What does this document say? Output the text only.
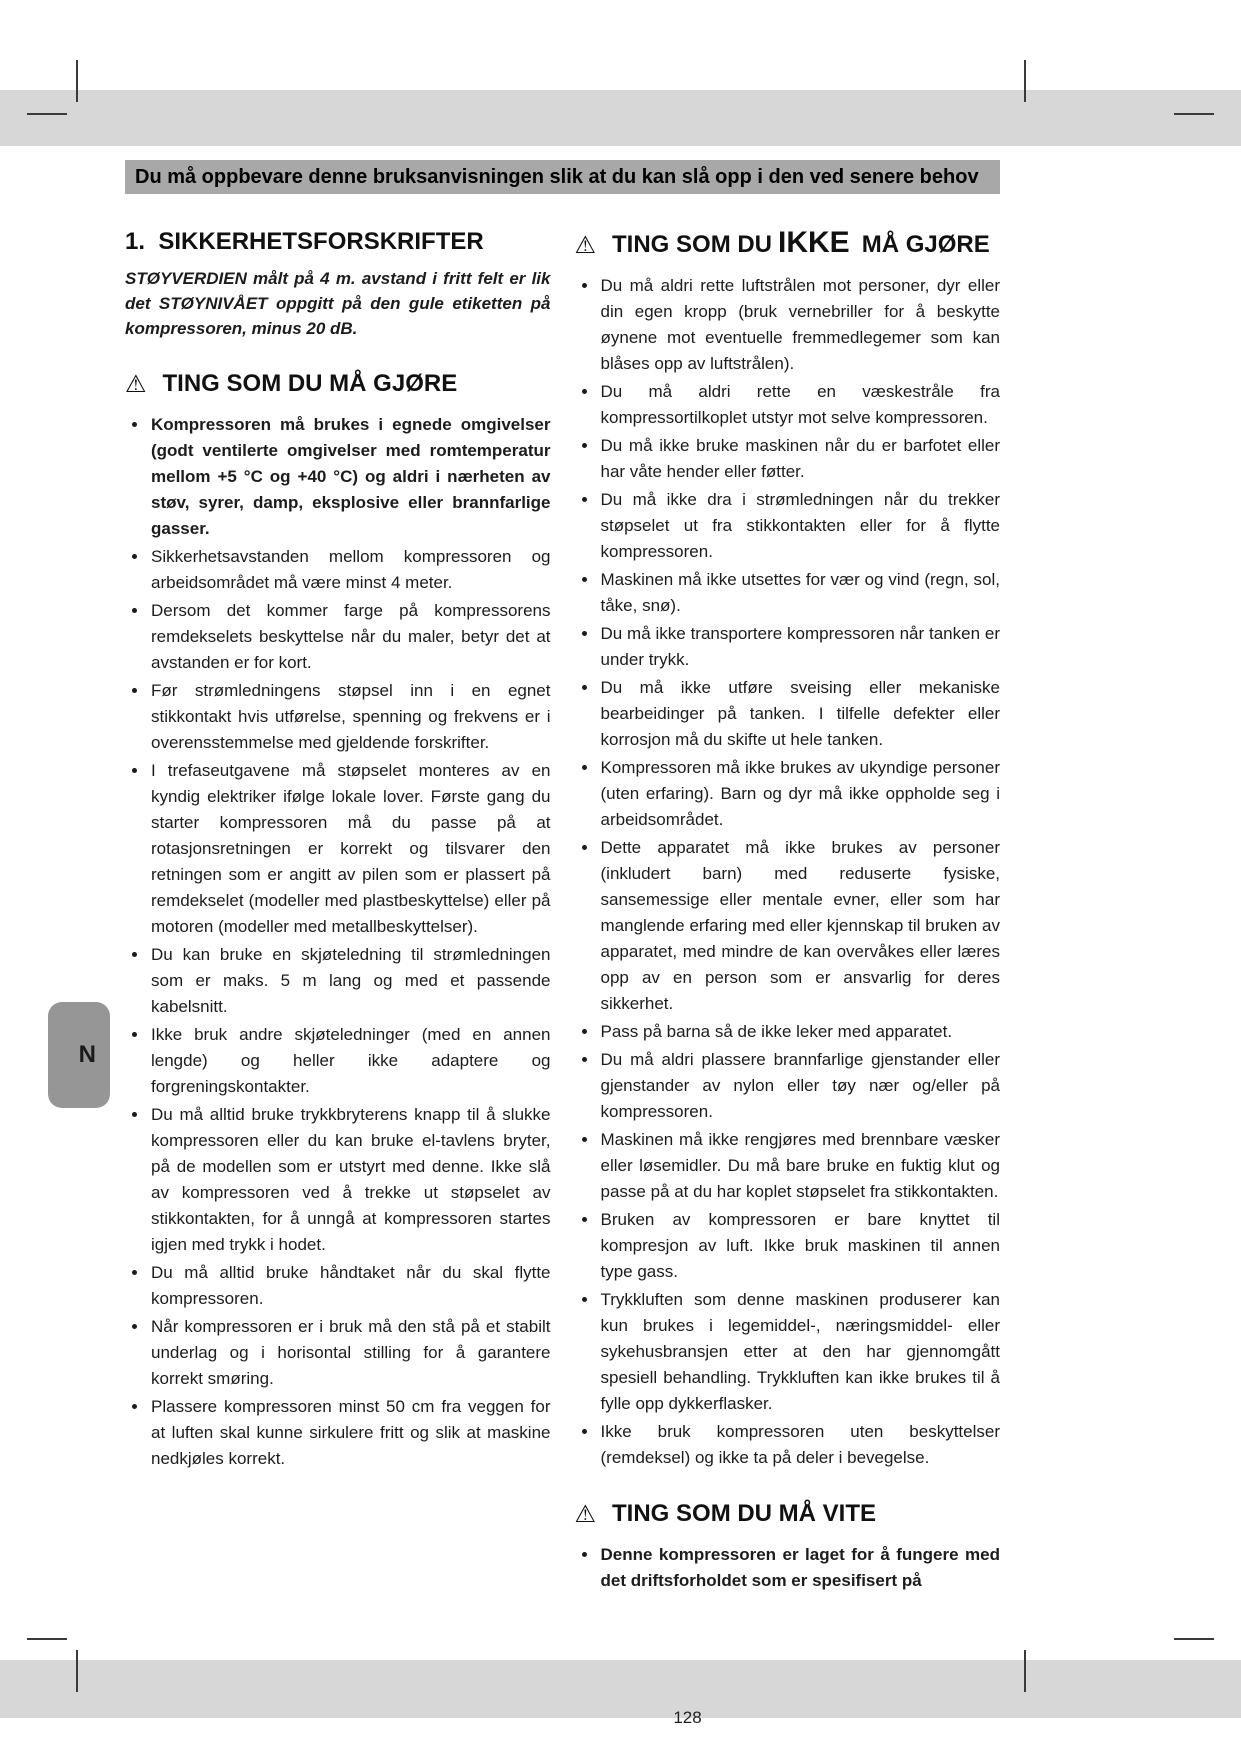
N
Du må oppbevare denne bruksanvisningen slik at du kan slå opp i den ved senere behov
1.  SIKKERHETSFORSKRIFTER

STØYVERDIEN målt på 4 m. avstand i fritt felt er lik det STØYNIVÅET oppgitt på den gule etiketten på kompressoren, minus 20 dB.

⚠ TING SOM DU MÅ GJØRE
• Kompressoren må brukes i egnede omgivelser (godt ventilerte omgivelser med romtemperatur mellom +5 °C og +40 °C) og aldri i nærheten av støv, syrer, damp, eksplosive eller brannfarlige gasser.
• Sikkerhetsavstanden mellom kompressoren og arbeidsområdet må være minst 4 meter.
• Dersom det kommer farge på kompressorens remdekselets beskyttelse når du maler, betyr det at avstanden er for kort.
• Før strømledningens støpsel inn i en egnet stikkontakt hvis utførelse, spenning og frekvens er i overensstemmelse med gjeldende forskrifter.
• I trefaseutgavene må støpselet monteres av en kyndig elektriker ifølge lokale lover. Første gang du starter kompressoren må du passe på at rotasjonsretningen er korrekt og tilsvarer den retningen som er angitt av pilen som er plassert på remdekselet (modeller med plastbeskyttelse) eller på motoren (modeller med metallbeskyttelser).
• Du kan bruke en skjøteledning til strømledningen som er maks. 5 m lang og med et passende kabelsnitt.
• Ikke bruk andre skjøteledninger (med en annen lengde) og heller ikke adaptere og forgreningskontakter.
• Du må alltid bruke trykkbryterens knapp til å slukke kompressoren eller du kan bruke el-tavlens bryter, på de modellen som er utstyrt med denne. Ikke slå av kompressoren ved å trekke ut støpselet av stikkontakten, for å unngå at kompressoren startes igjen med trykk i hodet.
• Du må alltid bruke håndtaket når du skal flytte kompressoren.
• Når kompressoren er i bruk må den stå på et stabilt underlag og i horisontal stilling for å garantere korrekt smøring.
• Plassere kompressoren minst 50 cm fra veggen for at luften skal kunne sirkulere fritt og slik at maskine nedkjøles korrekt.
⚠ TING SOM DU IKKE MÅ GJØRE
• Du må aldri rette luftstrålen mot personer, dyr eller din egen kropp (bruk vernebriller for å beskytte øynene mot eventuelle fremmedlegemer som kan blåses opp av luftstrålen).
• Du må aldri rette en væskestråle fra kompressortilkoplet utstyr mot selve kompressoren.
• Du må ikke bruke maskinen når du er barfotet eller har våte hender eller føtter.
• Du må ikke dra i strømledningen når du trekker støpselet ut fra stikkontakten eller for å flytte kompressoren.
• Maskinen må ikke utsettes for vær og vind (regn, sol, tåke, snø).
• Du må ikke transportere kompressoren når tanken er under trykk.
• Du må ikke utføre sveising eller mekaniske bearbeidinger på tanken. I tilfelle defekter eller korrosjon må du skifte ut hele tanken.
• Kompressoren må ikke brukes av ukyndige personer (uten erfaring). Barn og dyr må ikke oppholde seg i arbeidsområdet.
• Dette apparatet må ikke brukes av personer (inkludert barn) med reduserte fysiske, sansemessige eller mentale evner, eller som har manglende erfaring med eller kjennskap til bruken av apparatet, med mindre de kan overvåkes eller læres opp av en person som er ansvarlig for deres sikkerhet.
• Pass på barna så de ikke leker med apparatet.
• Du må aldri plassere brannfarlige gjenstander eller gjenstander av nylon eller tøy nær og/eller på kompressoren.
• Maskinen må ikke rengjøres med brennbare væsker eller løsemidler. Du må bare bruke en fuktig klut og passe på at du har koplet støpselet fra stikkontakten.
• Bruken av kompressoren er bare knyttet til kompresjon av luft. Ikke bruk maskinen til annen type gass.
• Trykkluften som denne maskinen produserer kan kun brukes i legemiddel-, næringsmiddel- eller sykehusbransjen etter at den har gjennomgått spesiell behandling. Trykkluften kan ikke brukes til å fylle opp dykkerflasker.
• Ikke bruk kompressoren uten beskyttelser (remdeksel) og ikke ta på deler i bevegelse.
⚠ TING SOM DU MÅ VITE
• Denne kompressoren er laget for å fungere med det driftsforholdet som er spesifisert på
128
